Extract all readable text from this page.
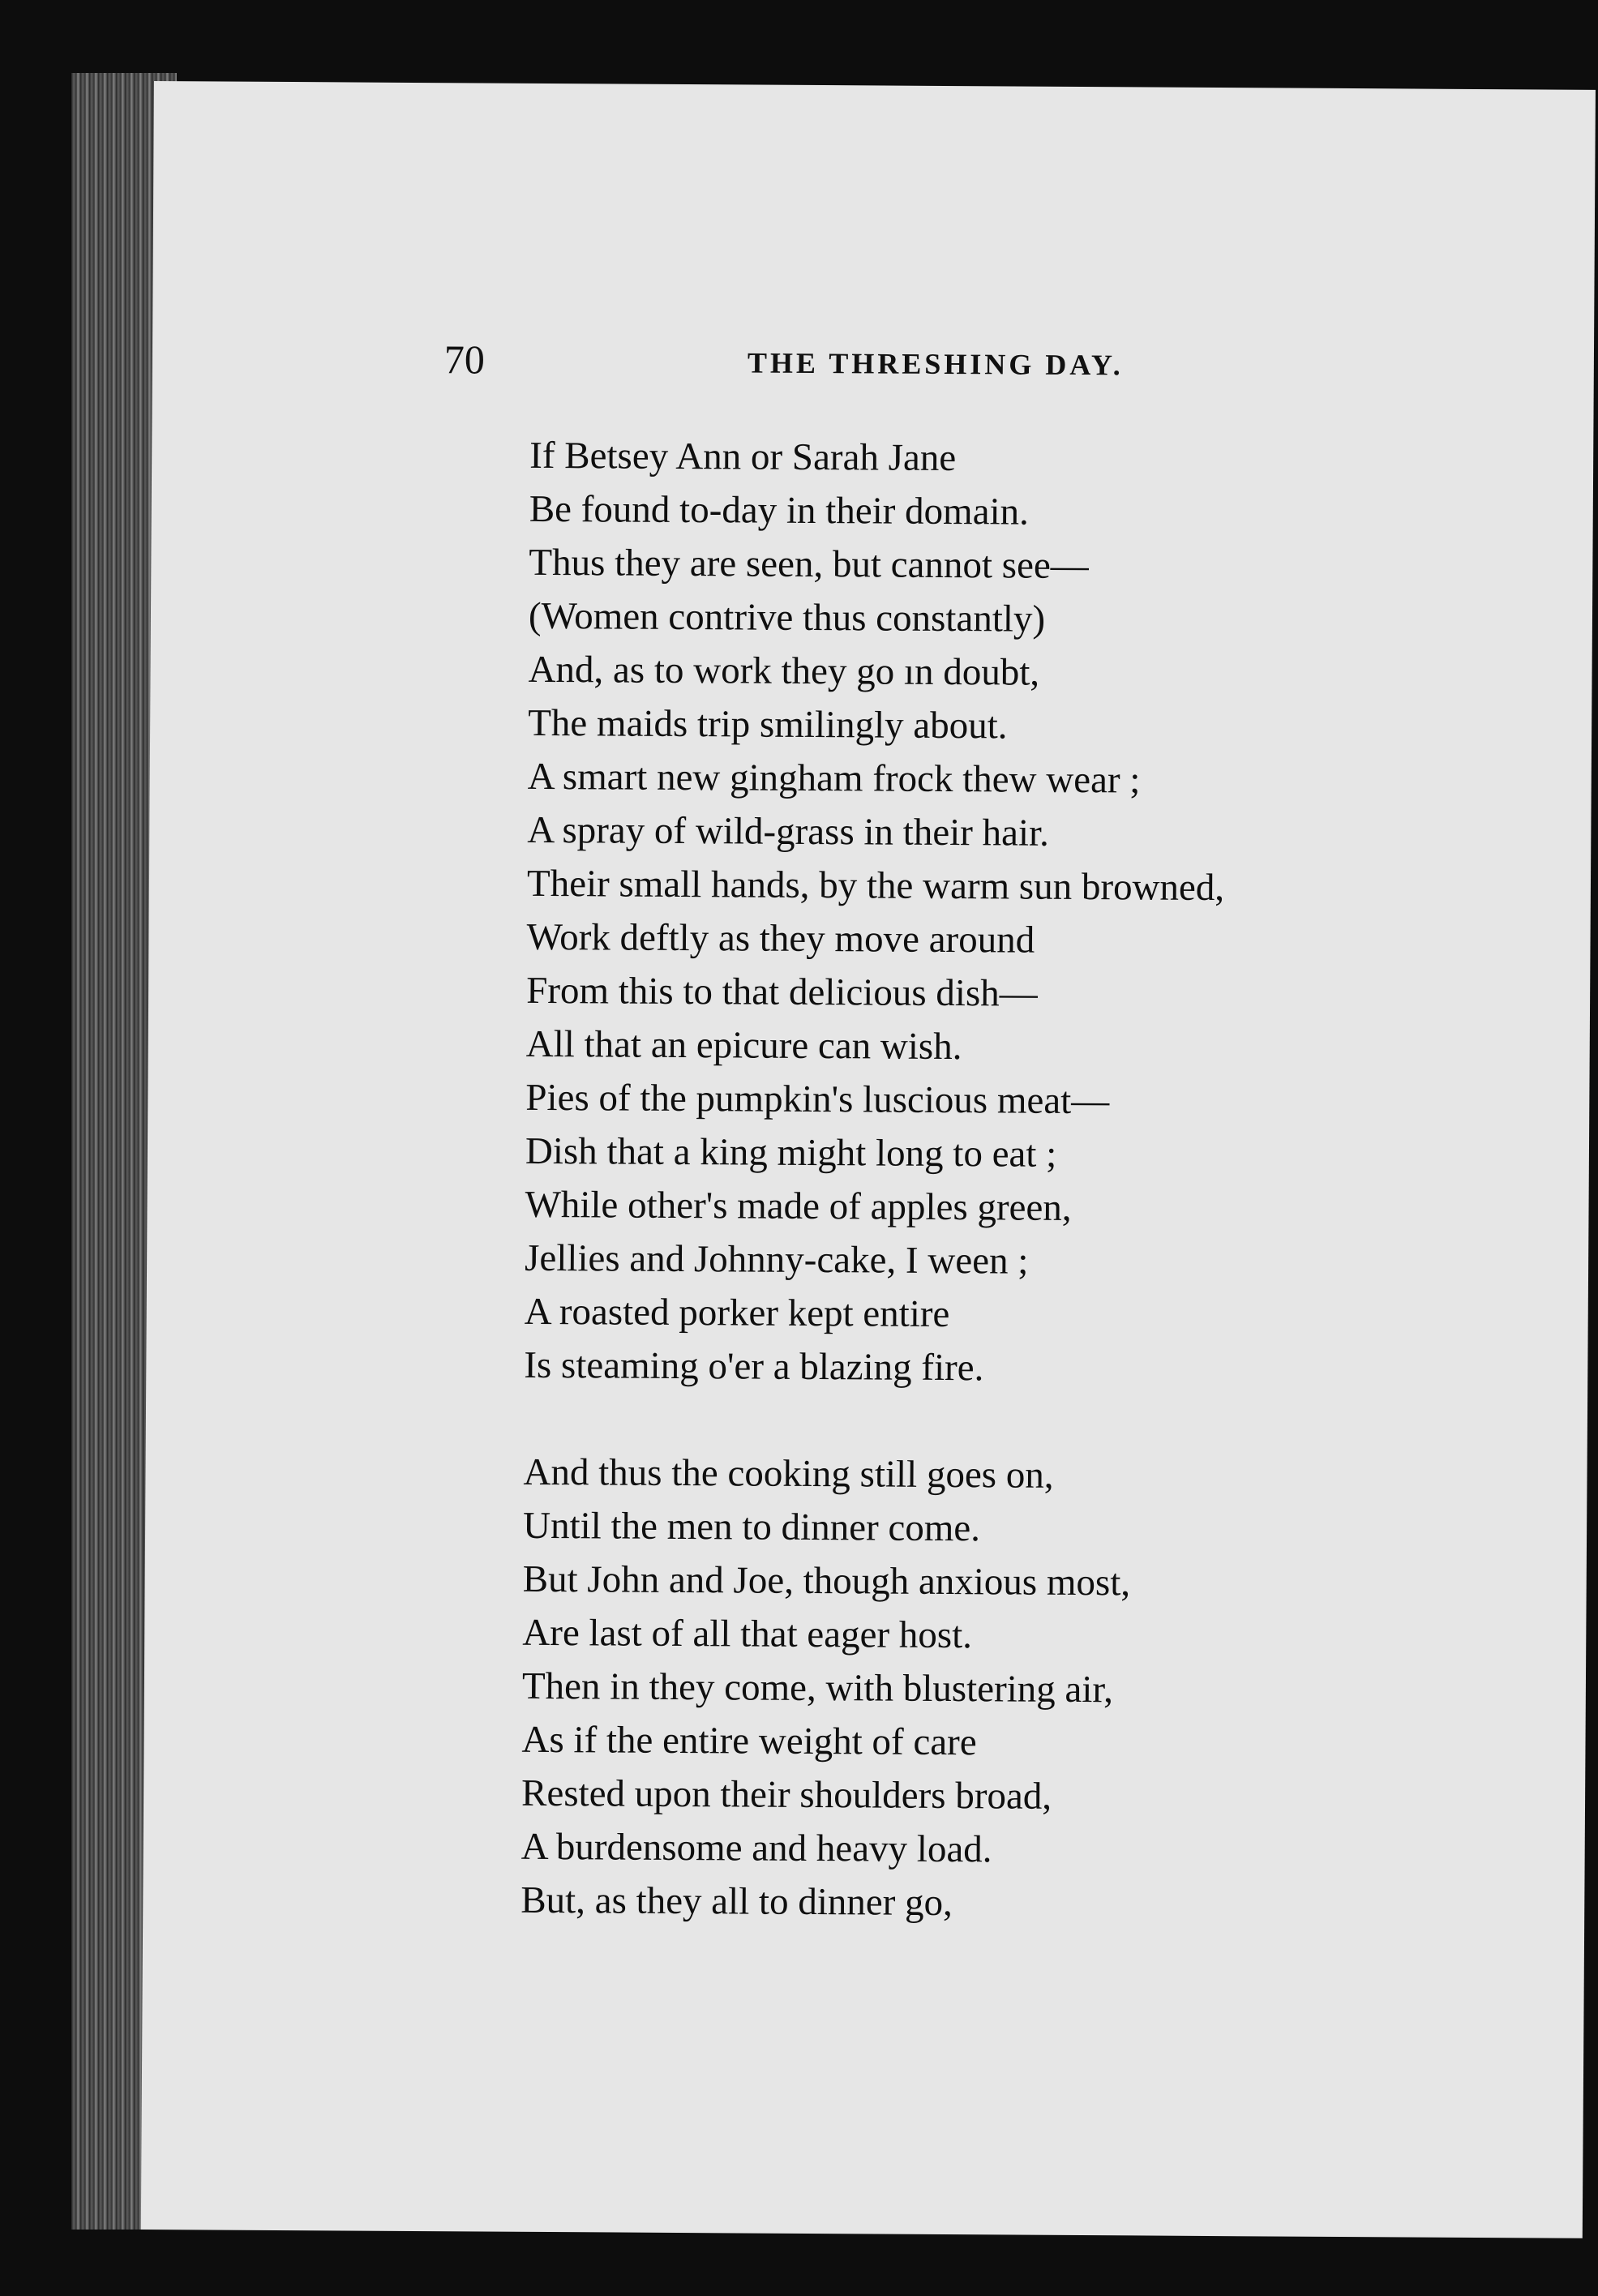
70	THE THRESHING DAY.
If Betsey Ann or Sarah Jane
Be found to-day in their domain.
Thus they are seen, but cannot see—
(Women contrive thus constantly)
And, as to work they go ın doubt,
The maids trip smilingly about.
A smart new gingham frock thew wear ;
A spray of wild-grass in their hair.
Their small hands, by the warm sun browned,
Work deftly as they move around
From this to that delicious dish—
All that an epicure can wish.
Pies of the pumpkin's luscious meat—
Dish that a king might long to eat ;
While other's made of apples green,
Jellies and Johnny-cake, I ween ;
A roasted porker kept entire
Is steaming o'er a blazing fire.
And thus the cooking still goes on,
Until the men to dinner come.
But John and Joe, though anxious most,
Are last of all that eager host.
Then in they come, with blustering air,
As if the entire weight of care
Rested upon their shoulders broad,
A burdensome and heavy load.
But, as they all to dinner go,
